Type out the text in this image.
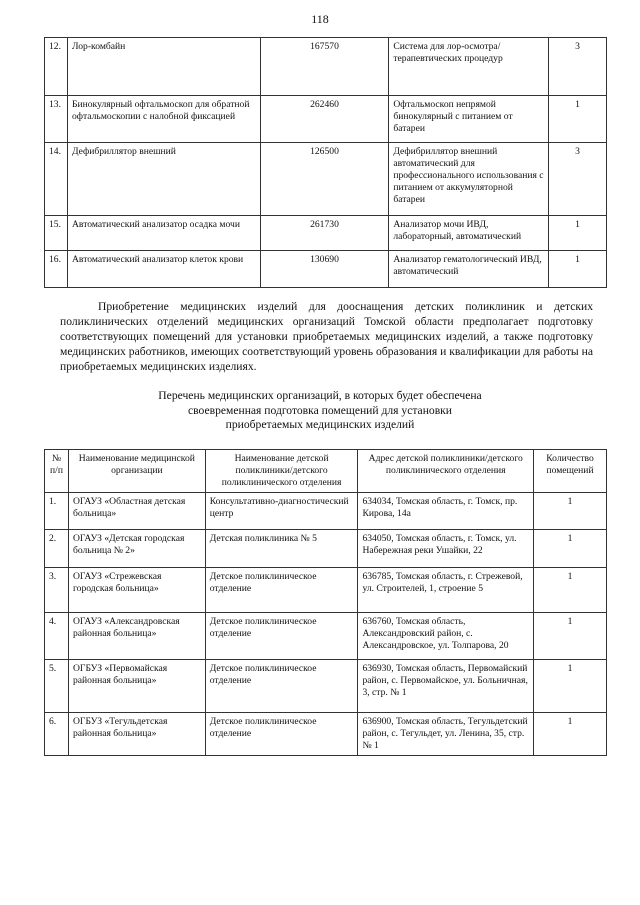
118
12.	Лор-комбайн	167570	Система для лор-осмотра/терапевтических процедур	3
13.	Бинокулярный офтальмоскоп для обратной офтальмоскопии с налобной фиксацией	262460	Офтальмоскоп непрямой бинокулярный с питанием от батареи	1
14.	Дефибриллятор внешний	126500	Дефибриллятор внешний автоматический для профессионального использования с питанием от аккумуляторной батареи	3
15.	Автоматический анализатор осадка мочи	261730	Анализатор мочи ИВД, лабораторный, автоматический	1
16.	Автоматический анализатор клеток крови	130690	Анализатор гематологический ИВД, автоматический	1
Приобретение медицинских изделий для дооснащения детских поликлиник и детских поликлинических отделений медицинских организаций Томской области предполагает подготовку соответствующих помещений для установки приобретаемых медицинских изделий, а также подготовку медицинских работников, имеющих соответствующий уровень образования и квалификации для работы на приобретаемых медицинских изделиях.
Перечень медицинских организаций, в которых будет обеспечена
своевременная подготовка помещений для установки
приобретаемых медицинских изделий
№ п/п	Наименование медицинской организации	Наименование детской поликлиники/детского поликлинического отделения	Адрес детской поликлиники/детского поликлинического отделения	Количество помещений
1.	ОГАУЗ «Областная детская больница»	Консультативно-диагностический центр	634034, Томская область, г. Томск, пр. Кирова, 14а	1
2.	ОГАУЗ «Детская городская больница № 2»	Детская поликлиника № 5	634050, Томская область, г. Томск, ул. Набережная реки Ушайки, 22	1
3.	ОГАУЗ «Стрежевская городская больница»	Детское поликлиническое отделение	636785, Томская область, г. Стрежевой, ул. Строителей, 1, строение 5	1
4.	ОГАУЗ «Александровская районная больница»	Детское поликлиническое отделение	636760, Томская область, Александровский район, с. Александровское, ул. Толпарова, 20	1
5.	ОГБУЗ «Первомайская районная больница»	Детское поликлиническое отделение	636930, Томская область, Первомайский район, с. Первомайское, ул. Больничная, 3, стр. № 1	1
6.	ОГБУЗ «Тегульдетская районная больница»	Детское поликлиническое отделение	636900, Томская область, Тегульдетский район, с. Тегульдет, ул. Ленина, 35, стр. № 1	1
